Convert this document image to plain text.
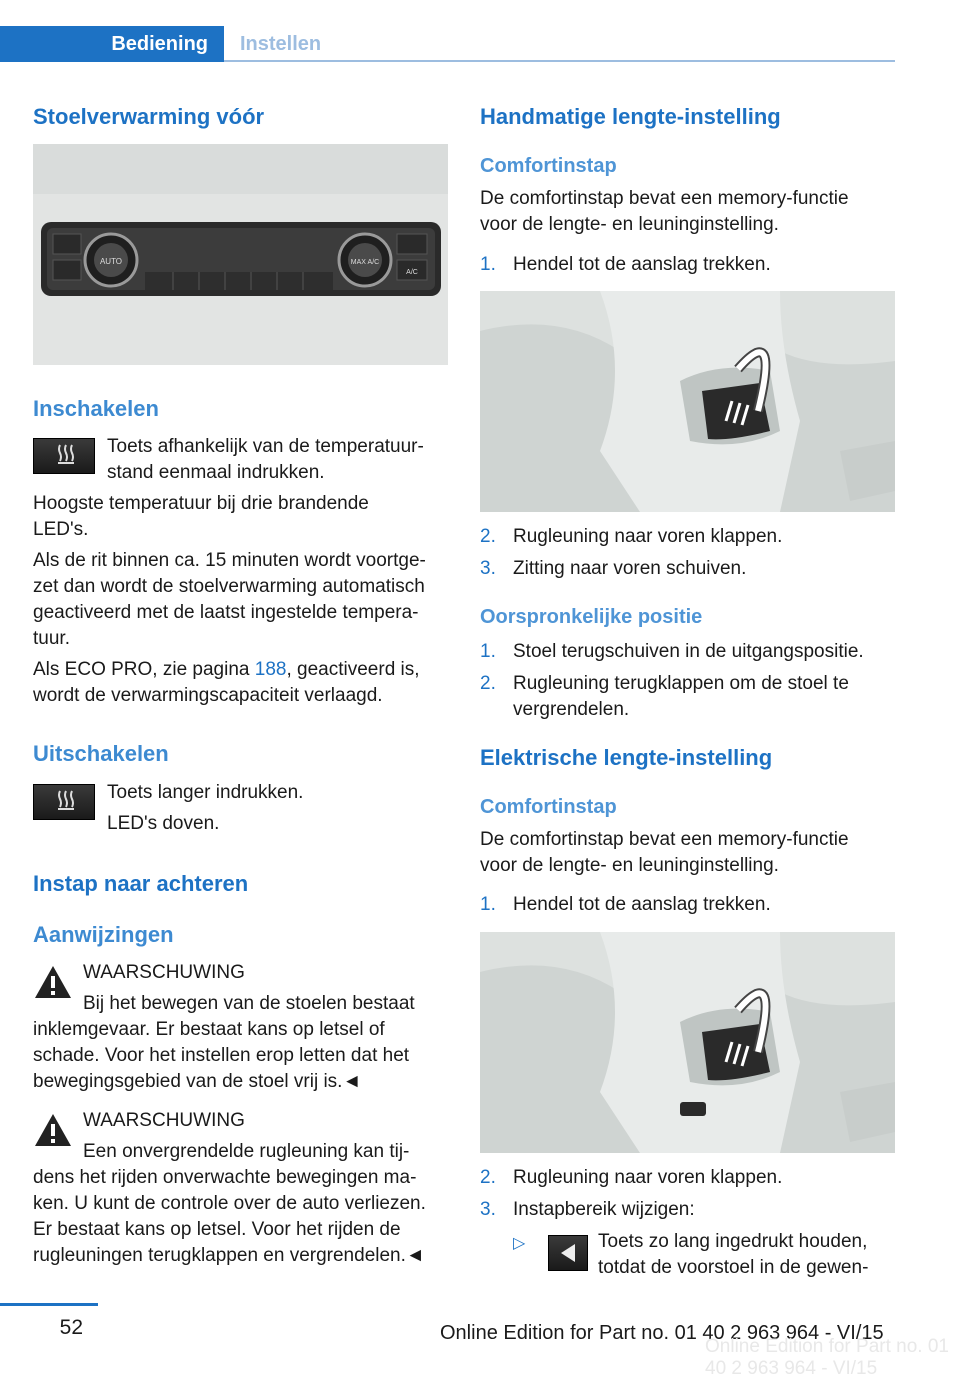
Bediening	Instellen
Stoelverwarming vóór
AUTO	MAX A/C
A/C
Inschakelen
Toets afhankelijk van de temperatuur-
stand eenmaal indrukken.
Hoogste temperatuur bij drie brandende
LED's.
Als de rit binnen ca. 15 minuten wordt voortge-
zet dan wordt de stoelverwarming automatisch
geactiveerd met de laatst ingestelde tempera-
tuur.
Als ECO PRO, zie pagina 188, geactiveerd is,
wordt de verwarmingscapaciteit verlaagd.
Uitschakelen
Toets langer indrukken.
LED's doven.
Instap naar achteren
Aanwijzingen
WAARSCHUWING
Bij het bewegen van de stoelen bestaat
inklemgevaar. Er bestaat kans op letsel of
schade. Voor het instellen erop letten dat het
bewegingsgebied van de stoel vrij is.◄
WAARSCHUWING
Een onvergrendelde rugleuning kan tij-
dens het rijden onverwachte bewegingen ma-
ken. U kunt de controle over de auto verliezen.
Er bestaat kans op letsel. Voor het rijden de
rugleuningen terugklappen en vergrendelen.◄
Handmatige lengte-instelling
Comfortinstap
De comfortinstap bevat een memory-functie
voor de lengte- en leuninginstelling.
1. Hendel tot de aanslag trekken.
2. Rugleuning naar voren klappen.
3. Zitting naar voren schuiven.
Oorspronkelijke positie
1. Stoel terugschuiven in de uitgangspositie.
2. Rugleuning terugklappen om de stoel te
vergrendelen.
Elektrische lengte-instelling
Comfortinstap
De comfortinstap bevat een memory-functie
voor de lengte- en leuninginstelling.
1. Hendel tot de aanslag trekken.
2. Rugleuning naar voren klappen.
3. Instapbereik wijzigen:
▷	Toets zo lang ingedrukt houden,
totdat de voorstoel in de gewen-
52	Online Edition for Part no. 01 40 2 963 964 - VI/15
Online Edition for Part no. 01 40 2 963 964 - VI/15
